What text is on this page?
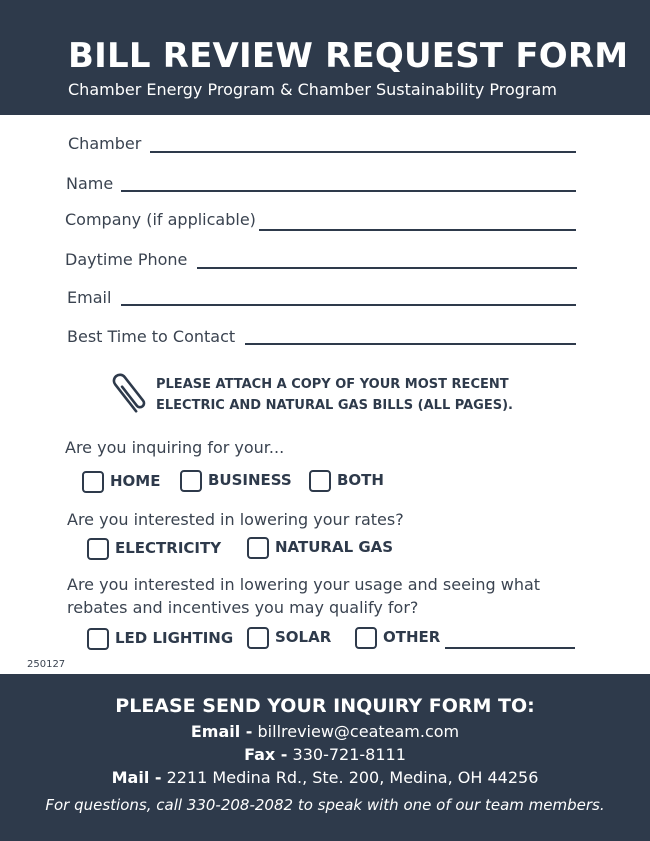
BILL REVIEW REQUEST FORM
Chamber Energy Program & Chamber Sustainability Program
Chamber
Name
Company (if applicable)
Daytime Phone
Email
Best Time to Contact
PLEASE ATTACH A COPY OF YOUR MOST RECENT
ELECTRIC AND NATURAL GAS BILLS (ALL PAGES).
Are you inquiring for your...
HOME	BUSINESS	BOTH
Are you interested in lowering your rates?
ELECTRICITY	NATURAL GAS
Are you interested in lowering your usage and seeing what
rebates and incentives you may qualify for?
LED LIGHTING	SOLAR	OTHER
250127
PLEASE SEND YOUR INQUIRY FORM TO:
Email - billreview@ceateam.com
Fax - 330-721-8111
Mail - 2211 Medina Rd., Ste. 200, Medina, OH 44256
For questions, call 330-208-2082 to speak with one of our team members.
